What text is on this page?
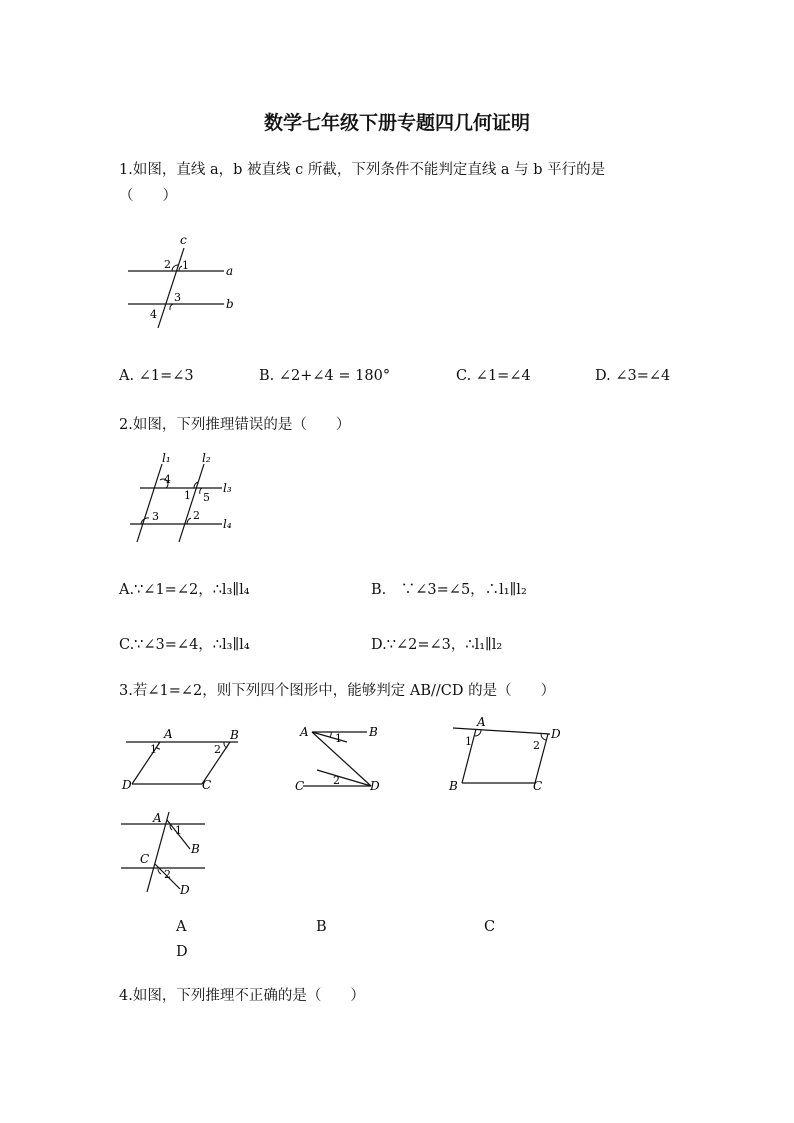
数学七年级下册专题四几何证明
1.如图，直线 a，b 被直线 c 所截，下列条件不能判定直线 a 与 b 平行的是
（　　）
c
a
b
1
2
3
4
A. ∠1=∠3	B. ∠2+∠4 = 180°	C. ∠1=∠4	D. ∠3=∠4
2.如图，下列推理错误的是（　　）
l₁	l₂
l₃
l₄
4
1 5
3	2
A.∵∠1=∠2，∴l₃∥l₄	B.　∵∠3=∠5，∴l₁∥l₂
C.∵∠3=∠4，∴l₃∥l₄	D.∵∠2=∠3，∴l₁∥l₂
3.若∠1=∠2，则下列四个图形中，能够判定 AB//CD 的是（　　）
A	B
D	C
1	2
A	B
C	D
1
2
A
D
B	C
1	2
A
B
C
D
1
2
A	B	C
D
4.如图，下列推理不正确的是（　　）
